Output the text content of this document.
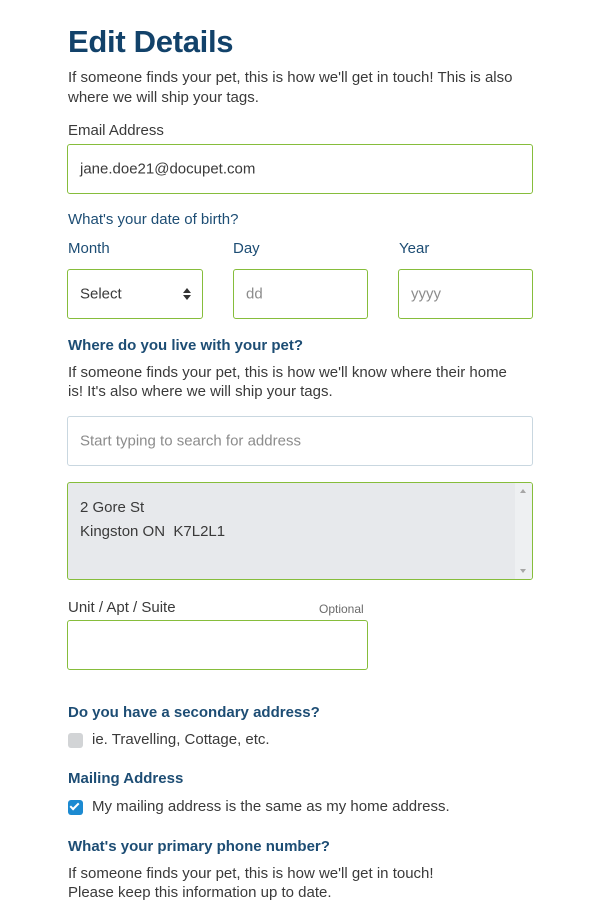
Edit Details
If someone finds your pet, this is how we'll get in touch! This is also
where we will ship your tags.
Email Address
jane.doe21@docupet.com
What's your date of birth?
Month	Day	Year
Select	dd	yyyy
Where do you live with your pet?
If someone finds your pet, this is how we'll know where their home
is! It's also where we will ship your tags.
Start typing to search for address
2 Gore St
Kingston ON  K7L2L1
Unit / Apt / Suite	Optional
Do you have a secondary address?
ie. Travelling, Cottage, etc.
Mailing Address
My mailing address is the same as my home address.
What's your primary phone number?
If someone finds your pet, this is how we'll get in touch!
Please keep this information up to date.
